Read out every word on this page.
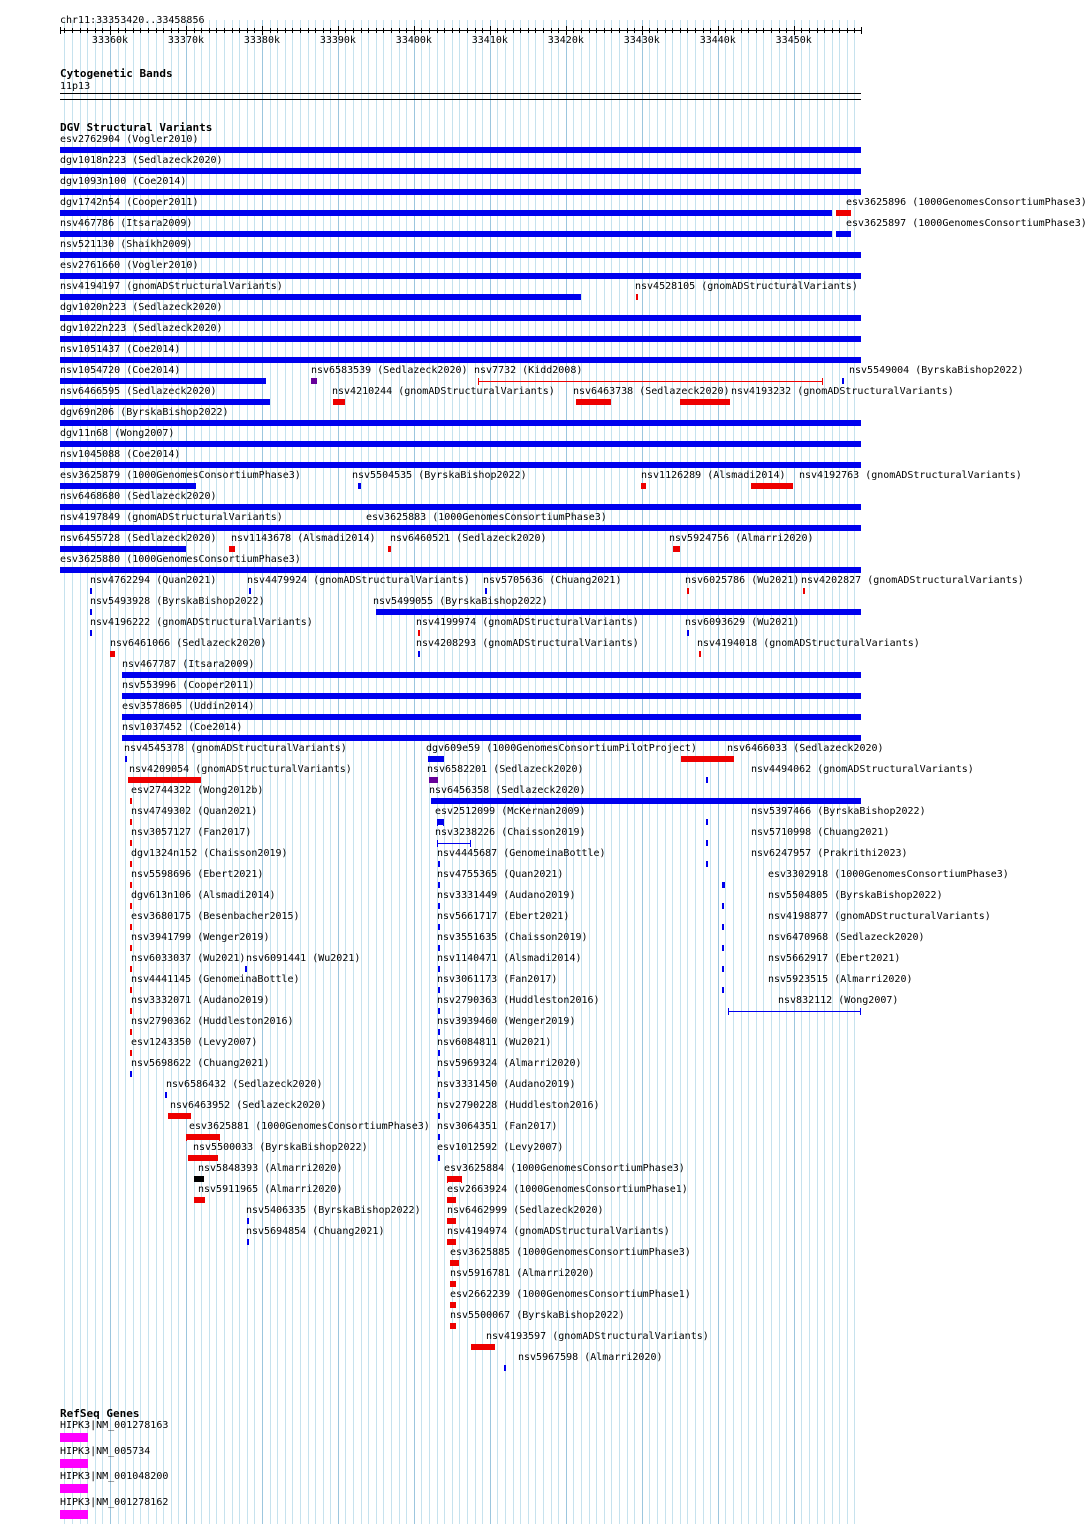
chr11:33353420..33458856
Cytogenetic Bands
11p13
DGV Structural Variants
RefSeq Genes
33360k	33370k	33380k	33390k	33400k	33410k	33420k	33430k	33440k	33450k
esv2762904 (Vogler2010)
dgv1018n223 (Sedlazeck2020)
dgv1093n100 (Coe2014)
dgv1742n54 (Cooper2011)	esv3625896 (1000GenomesConsortiumPhase3)
nsv467786 (Itsara2009)	esv3625897 (1000GenomesConsortiumPhase3)
nsv521130 (Shaikh2009)
esv2761660 (Vogler2010)
nsv4194197 (gnomADStructuralVariants)	nsv4528105 (gnomADStructuralVariants)
dgv1020n223 (Sedlazeck2020)
dgv1022n223 (Sedlazeck2020)
nsv1051437 (Coe2014)
nsv1054720 (Coe2014)	nsv6583539 (Sedlazeck2020) nsv7732 (Kidd2008)	nsv5549004 (ByrskaBishop2022)
nsv6466595 (Sedlazeck2020)	nsv4210244 (gnomADStructuralVariants) nsv6463738 (Sedlazeck2020) nsv4193232 (gnomADStructuralVariants)
dgv69n206 (ByrskaBishop2022)
dgv11n68 (Wong2007)
nsv1045088 (Coe2014)
esv3625879 (1000GenomesConsortiumPhase3)	nsv5504535 (ByrskaBishop2022)	nsv1126289 (Alsmadi2014) nsv4192763 (gnomADStructuralVariants)
nsv6468680 (Sedlazeck2020)
nsv4197849 (gnomADStructuralVariants)	esv3625883 (1000GenomesConsortiumPhase3)
nsv6455728 (Sedlazeck2020) nsv1143678 (Alsmadi2014) nsv6460521 (Sedlazeck2020)	nsv5924756 (Almarri2020)
esv3625880 (1000GenomesConsortiumPhase3)
nsv4762294 (Quan2021)	nsv4479924 (gnomADStructuralVariants) nsv5705636 (Chuang2021)	nsv6025786 (Wu2021) nsv4202827 (gnomADStructuralVariants)
nsv5493928 (ByrskaBishop2022)	nsv5499055 (ByrskaBishop2022)
nsv4196222 (gnomADStructuralVariants)	nsv4199974 (gnomADStructuralVariants)	nsv6093629 (Wu2021)
nsv6461066 (Sedlazeck2020)	nsv4208293 (gnomADStructuralVariants)	nsv4194018 (gnomADStructuralVariants)
nsv467787 (Itsara2009)
nsv553996 (Cooper2011)
esv3578605 (Uddin2014)
nsv1037452 (Coe2014)
nsv4545378 (gnomADStructuralVariants)	dgv609e59 (1000GenomesConsortiumPilotProject)	nsv6466033 (Sedlazeck2020)
nsv4209054 (gnomADStructuralVariants)	nsv6582201 (Sedlazeck2020)	nsv4494062 (gnomADStructuralVariants)
esv2744322 (Wong2012b)	nsv6456358 (Sedlazeck2020)
nsv4749302 (Quan2021)	esv2512099 (McKernan2009)	nsv5397466 (ByrskaBishop2022)
nsv3057127 (Fan2017)	nsv3238226 (Chaisson2019)	nsv5710998 (Chuang2021)
dgv1324n152 (Chaisson2019)	nsv4445687 (GenomeinaBottle)	nsv6247957 (Prakrithi2023)
nsv5598696 (Ebert2021)	nsv4755365 (Quan2021)	esv3302918 (1000GenomesConsortiumPhase3)
dgv613n106 (Alsmadi2014)	nsv3331449 (Audano2019)	nsv5504805 (ByrskaBishop2022)
esv3680175 (Besenbacher2015)	nsv5661717 (Ebert2021)	nsv4198877 (gnomADStructuralVariants)
nsv3941799 (Wenger2019)	nsv3551635 (Chaisson2019)	nsv6470968 (Sedlazeck2020)
nsv6033037 (Wu2021) nsv6091441 (Wu2021)	nsv1140471 (Alsmadi2014)	nsv5662917 (Ebert2021)
nsv4441145 (GenomeinaBottle)	nsv3061173 (Fan2017)	nsv5923515 (Almarri2020)
nsv3332071 (Audano2019)	nsv2790363 (Huddleston2016)	nsv832112 (Wong2007)
nsv2790362 (Huddleston2016)	nsv3939460 (Wenger2019)
esv1243350 (Levy2007)	nsv6084811 (Wu2021)
nsv5698622 (Chuang2021)	nsv5969324 (Almarri2020)
nsv6586432 (Sedlazeck2020)	nsv3331450 (Audano2019)
nsv6463952 (Sedlazeck2020)	nsv2790228 (Huddleston2016)
esv3625881 (1000GenomesConsortiumPhase3) nsv3064351 (Fan2017)
nsv5500033 (ByrskaBishop2022)	esv1012592 (Levy2007)
nsv5848393 (Almarri2020)	esv3625884 (1000GenomesConsortiumPhase3)
nsv5911965 (Almarri2020)	esv2663924 (1000GenomesConsortiumPhase1)
nsv5406335 (ByrskaBishop2022)	nsv6462999 (Sedlazeck2020)
nsv5694854 (Chuang2021)	nsv4194974 (gnomADStructuralVariants)
esv3625885 (1000GenomesConsortiumPhase3)
nsv5916781 (Almarri2020)
esv2662239 (1000GenomesConsortiumPhase1)
nsv5500067 (ByrskaBishop2022)
nsv4193597 (gnomADStructuralVariants)
nsv5967598 (Almarri2020)
HIPK3|NM_001278163
HIPK3|NM_005734
HIPK3|NM_001048200
HIPK3|NM_001278162
